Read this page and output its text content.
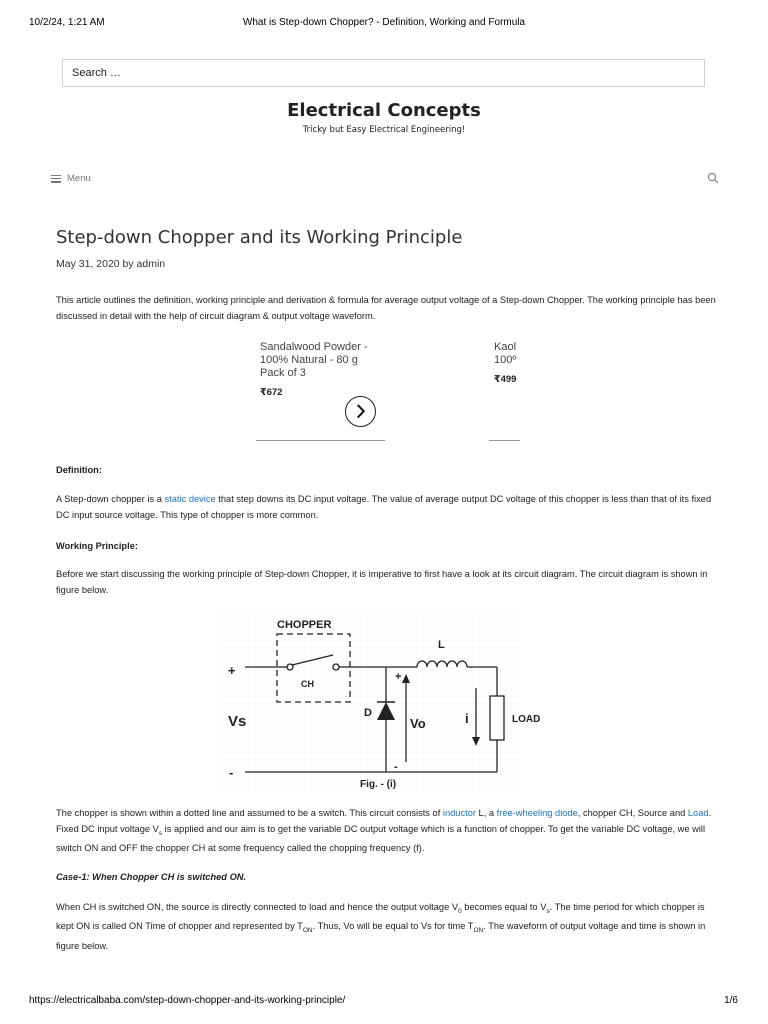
10/2/24, 1:21 AM	What is Step-down Chopper? - Definition, Working and Formula
Search …
Electrical Concepts
Tricky but Easy Electrical Engineering!
Menu
Step-down Chopper and its Working Principle
May 31, 2020 by admin
This article outlines the definition, working principle and derivation & formula for average output voltage of a Step-down Chopper. The working principle has been discussed in detail with the help of circuit diagram & output voltage waveform.
Sandalwood Powder -
100% Natural - 80 g
Pack of 3
₹672
Kaol
100º
₹499
Definition:
A Step-down chopper is a static device that step downs its DC input voltage. The value of average output DC voltage of this chopper is less than that of its fixed DC input source voltage. This type of chopper is more common.
Working Principle:
Before we start discussing the working principle of Step-down Chopper, it is imperative to first have a look at its circuit diagram. The circuit diagram is shown in figure below.
CHOPPER
CH
L
+
Vs
-
D
+
-
Vo	i	LOAD
Fig. - (i)
The chopper is shown within a dotted line and assumed to be a switch. This circuit consists of inductor L, a free-wheeling diode, chopper CH, Source and Load. Fixed DC input voltage $V_s$ is applied and our aim is to get the variable DC output voltage which is a function of chopper. To get the variable DC voltage, we will switch ON and OFF the chopper CH at some frequency called the chopping frequency (f).
Case-1: When Chopper CH is switched ON.
When CH is switched ON, the source is directly connected to load and hence the output voltage $V_0$ becomes equal to $V_s$. The time period for which chopper is kept ON is called ON Time of chopper and represented by $T_{ON}$. Thus, Vo will be equal to Vs for time $T_{ON}$. The waveform of output voltage and time is shown in figure below.
https://electricalbaba.com/step-down-chopper-and-its-working-principle/	1/6
